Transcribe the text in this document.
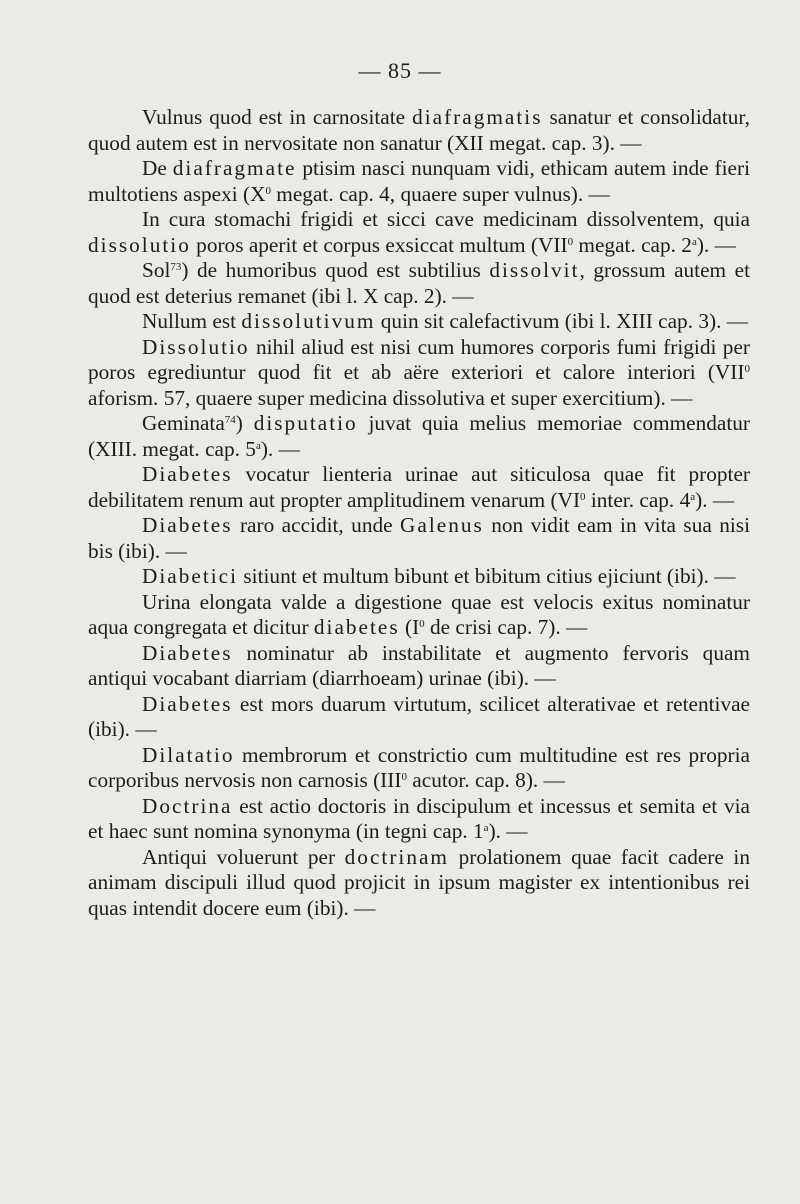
— 85 —

Vulnus quod est in carnositate diafragmatis sanatur et consolidatur, quod autem est in nervositate non sanatur (XII megat. cap. 3). —

De diafragmate ptisim nasci nunquam vidi, ethicam autem inde fieri multotiens aspexi ($X^0$ megat. cap. 4, quaere super vulnus). —

In cura stomachi frigidi et sicci cave medicinam dissolventem, quia dissolutio poros aperit et corpus exsiccat multum (VII$^0$ megat. cap. 2$^a$). —

Sol$^{73}$) de humoribus quod est subtilius dissolvit, grossum autem et quod est deterius remanet (ibi l. X cap. 2). —

Nullum est dissolutivum quin sit calefactivum (ibi l. XIII cap. 3). —

Dissolutio nihil aliud est nisi cum humores corporis fumi frigidi per poros egrediuntur quod fit et ab aëre exteriori et calore interiori (VII$^0$ aforism. 57, quaere super medicina dissolutiva et super exercitium). —

Geminata$^{74}$) disputatio juvat quia melius memoriae commendatur (XIII. megat. cap. 5$^a$). —

Diabetes vocatur lienteria urinae aut siticulosa quae fit propter debilitatem renum aut propter amplitudinem venarum ($VI^0$ inter. cap. 4$^a$). —

Diabetes raro accidit, unde Galenus non vidit eam in vita sua nisi bis (ibi). —

Diabetici sitiunt et multum bibunt et bibitum citius ejiciunt (ibi). —

Urina elongata valde a digestione quae est velocis exitus nominatur aqua congregata et dicitur diabetes ($I^0$ de crisi cap. 7). —

Diabetes nominatur ab instabilitate et augmento fervoris quam antiqui vocabant diarriam (diarrhoeam) urinae (ibi). —

Diabetes est mors duarum virtutum, scilicet alterativae et retentivae (ibi). —

Dilatatio membrorum et constrictio cum multitudine est res propria corporibus nervosis non carnosis (III$^0$ acutor. cap. 8). —

Doctrina est actio doctoris in discipulum et incessus et semita et via et haec sunt nomina synonyma (in tegni cap. 1$^a$). —

Antiqui voluerunt per doctrinam prolationem quae facit cadere in animam discipuli illud quod projicit in ipsum magister ex intentionibus rei quas intendit docere eum (ibi). —
